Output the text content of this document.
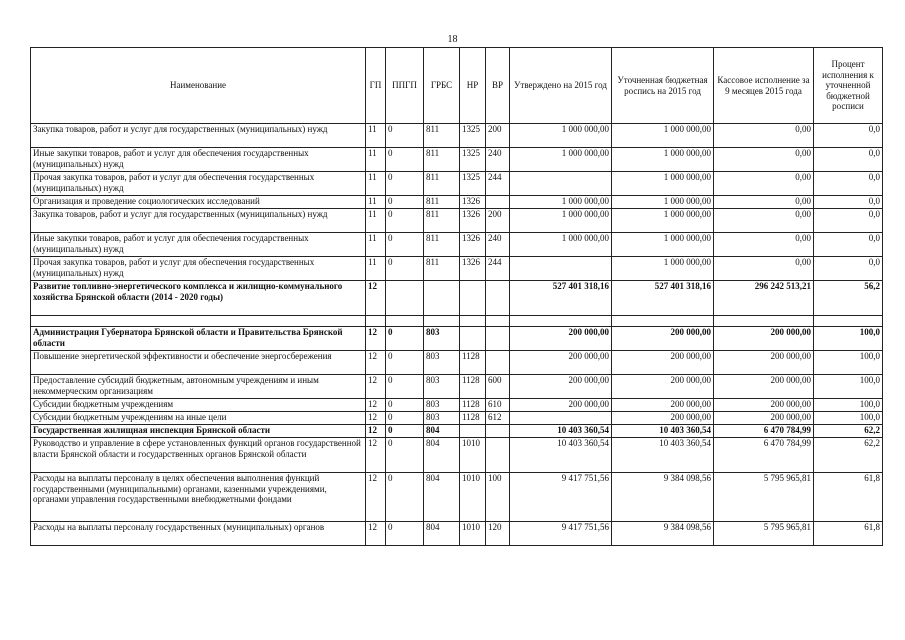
18
Наименование	ГП	ППГП	ГРБС	НР	ВР	Утверждено на 2015 год	Уточненная бюджетная роспись на 2015 год	Кассовое исполнение за 9 месяцев 2015 года	Процент исполнения к уточненной бюджетной росписи
Закупка товаров, работ и услуг для государственных (муниципальных) нужд	11	0	811	1325	200	1 000 000,00	1 000 000,00	0,00	0,0
Иные закупки товаров, работ и услуг для обеспечения государственных (муниципальных) нужд	11	0	811	1325	240	1 000 000,00	1 000 000,00	0,00	0,0
Прочая закупка товаров, работ и услуг для обеспечения государственных (муниципальных) нужд	11	0	811	1325	244		1 000 000,00	0,00	0,0
Организация и проведение социологических исследований	11	0	811	1326		1 000 000,00	1 000 000,00	0,00	0,0
Закупка товаров, работ и услуг для государственных (муниципальных) нужд	11	0	811	1326	200	1 000 000,00	1 000 000,00	0,00	0,0
Иные закупки товаров, работ и услуг для обеспечения государственных (муниципальных) нужд	11	0	811	1326	240	1 000 000,00	1 000 000,00	0,00	0,0
Прочая закупка товаров, работ и услуг для обеспечения государственных (муниципальных) нужд	11	0	811	1326	244		1 000 000,00	0,00	0,0
Развитие топливно-энергетического комплекса и жилищно-коммунального хозяйства Брянской области (2014 - 2020 годы)	12					527 401 318,16	527 401 318,16	296 242 513,21	56,2

Администрация Губернатора Брянской области и Правительства Брянской области	12	0	803			200 000,00	200 000,00	200 000,00	100,0
Повышение энергетической эффективности и обеспечение энергосбережения	12	0	803	1128		200 000,00	200 000,00	200 000,00	100,0
Предоставление субсидий бюджетным, автономным учреждениям и иным некоммерческим организациям	12	0	803	1128	600	200 000,00	200 000,00	200 000,00	100,0
Субсидии бюджетным учреждениям	12	0	803	1128	610	200 000,00	200 000,00	200 000,00	100,0
Субсидии бюджетным учреждениям на иные цели	12	0	803	1128	612		200 000,00	200 000,00	100,0
Государственная жилищная инспекция Брянской области	12	0	804			10 403 360,54	10 403 360,54	6 470 784,99	62,2
Руководство и управление в сфере установленных функций органов государственной власти Брянской области и государственных органов Брянской области	12	0	804	1010		10 403 360,54	10 403 360,54	6 470 784,99	62,2
Расходы на выплаты персоналу в целях обеспечения выполнения функций государственными (муниципальными) органами, казенными учреждениями, органами управления государственными внебюджетными фондами	12	0	804	1010	100	9 417 751,56	9 384 098,56	5 795 965,81	61,8
Расходы на выплаты персоналу государственных (муниципальных) органов	12	0	804	1010	120	9 417 751,56	9 384 098,56	5 795 965,81	61,8
